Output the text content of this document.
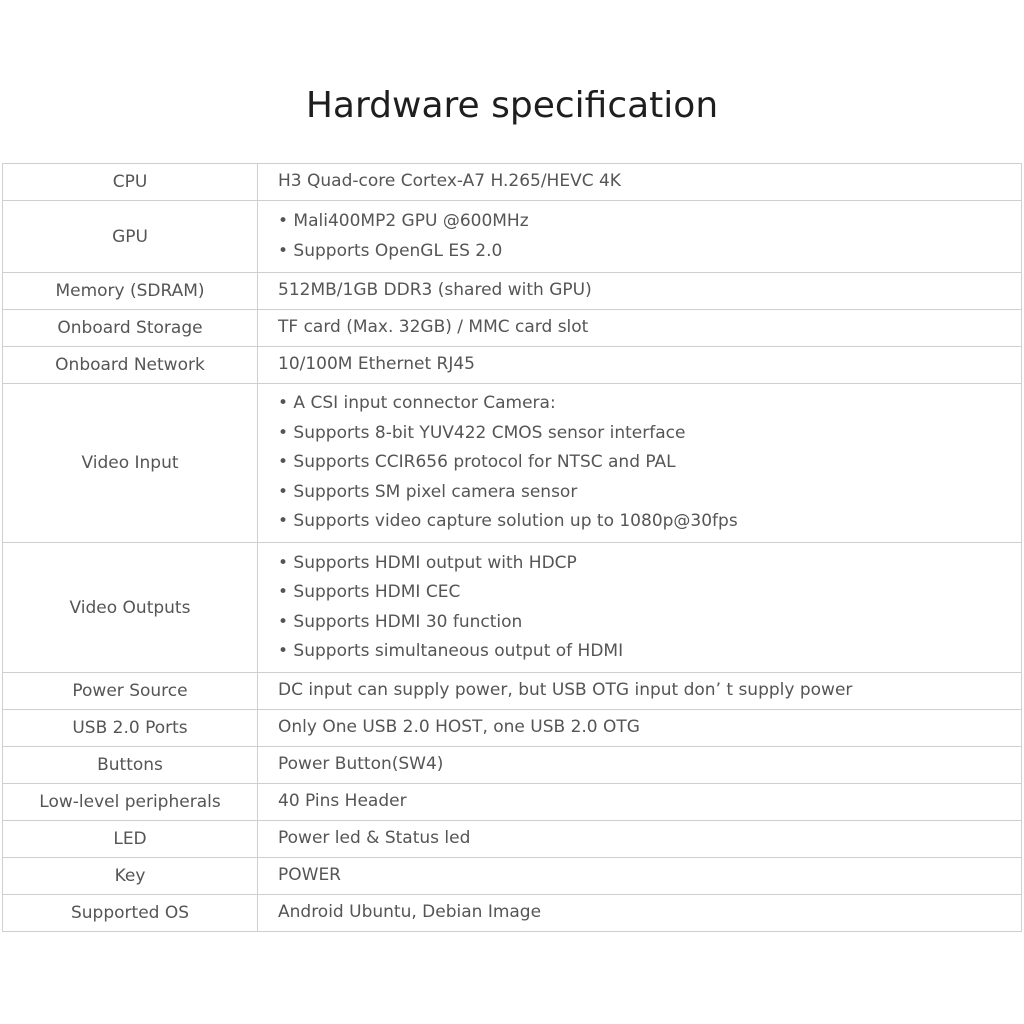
Hardware specification
CPU	H3 Quad-core Cortex-A7 H.265/HEVC 4K

GPU	• Mali400MP2 GPU @600MHz
• Supports OpenGL ES 2.0

Memory (SDRAM)	512MB/1GB DDR3 (shared with GPU)

Onboard Storage	TF card (Max. 32GB) / MMC card slot

Onboard Network	10/100M Ethernet RJ45

Video Input	• A CSI input connector Camera:
• Supports 8-bit YUV422 CMOS sensor interface
• Supports CCIR656 protocol for NTSC and PAL
• Supports SM pixel camera sensor
• Supports video capture solution up to 1080p@30fps

Video Outputs	• Supports HDMI output with HDCP
• Supports HDMI CEC
• Supports HDMI 30 function
• Supports simultaneous output of HDMI

Power Source	DC input can supply power, but USB OTG input don’ t supply power

USB 2.0 Ports	Only One USB 2.0 HOST, one USB 2.0 OTG

Buttons	Power Button(SW4)

Low-level peripherals	40 Pins Header

LED	Power led & Status led

Key	POWER

Supported OS	Android Ubuntu, Debian Image
